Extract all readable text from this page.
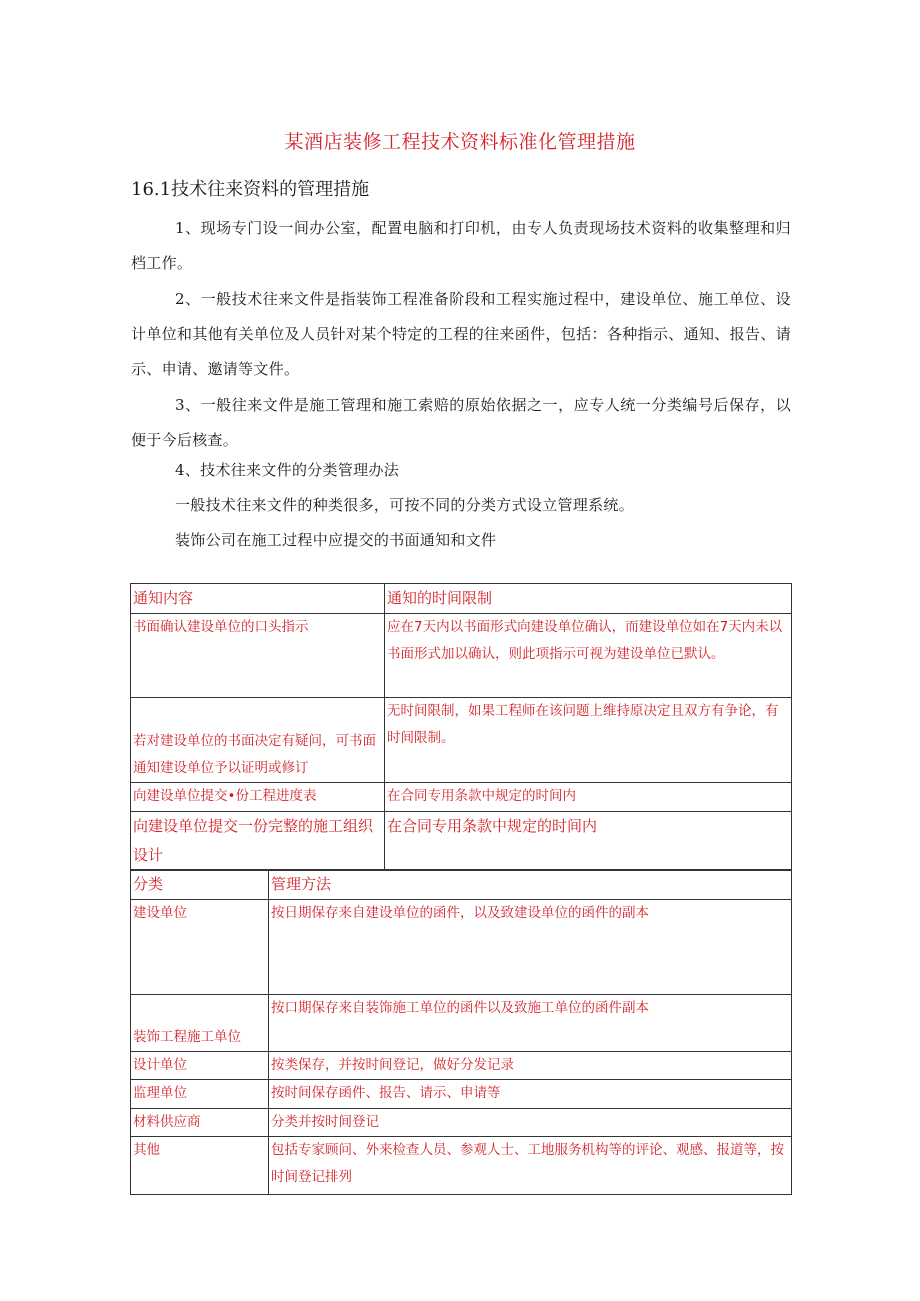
某酒店装修工程技术资料标准化管理措施
16.1技术往来资料的管理措施

1、现场专门设一间办公室，配置电脑和打印机，由专人负责现场技术资料的收集整理和归档工作。

2、一般技术往来文件是指装饰工程准备阶段和工程实施过程中，建设单位、施工单位、设计单位和其他有关单位及人员针对某个特定的工程的往来函件，包括：各种指示、通知、报告、请示、申请、邀请等文件。

3、一般往来文件是施工管理和施工索赔的原始依据之一，应专人统一分类编号后保存，以便于今后核查。

4、技术往来文件的分类管理办法
一般技术往来文件的种类很多，可按不同的分类方式设立管理系统。
装饰公司在施工过程中应提交的书面通知和文件
通知内容	通知的时间限制
书面确认建设单位的口头指示	应在7天内以书面形式向建设单位确认，而建设单位如在7天内未以书面形式加以确认，则此项指示可视为建设单位已默认。
若对建设单位的书面决定有疑问，可书面通知建设单位予以证明或修订	无时间限制，如果工程师在该问题上维持原决定且双方有争论，有时间限制。
向建设单位提交•份工程进度表	在合同专用条款中规定的时间内
向建设单位提交一份完整的施工组织设计	在合同专用条款中规定的时间内
分类	管理方法
建设单位	按日期保存来自建设单位的函件，以及致建设单位的函件的副本
装饰工程施工单位	按口期保存来自装饰施工单位的函件以及致施工单位的函件副本
设计单位	按类保存，并按时间登记，做好分发记录
监理单位	按时间保存函件、报告、请示、申请等
材料供应商	分类并按时间登记
其他	包括专家顾问、外来检查人员、参观人士、工地服务机构等的评论、观感、报道等，按时间登记排列
